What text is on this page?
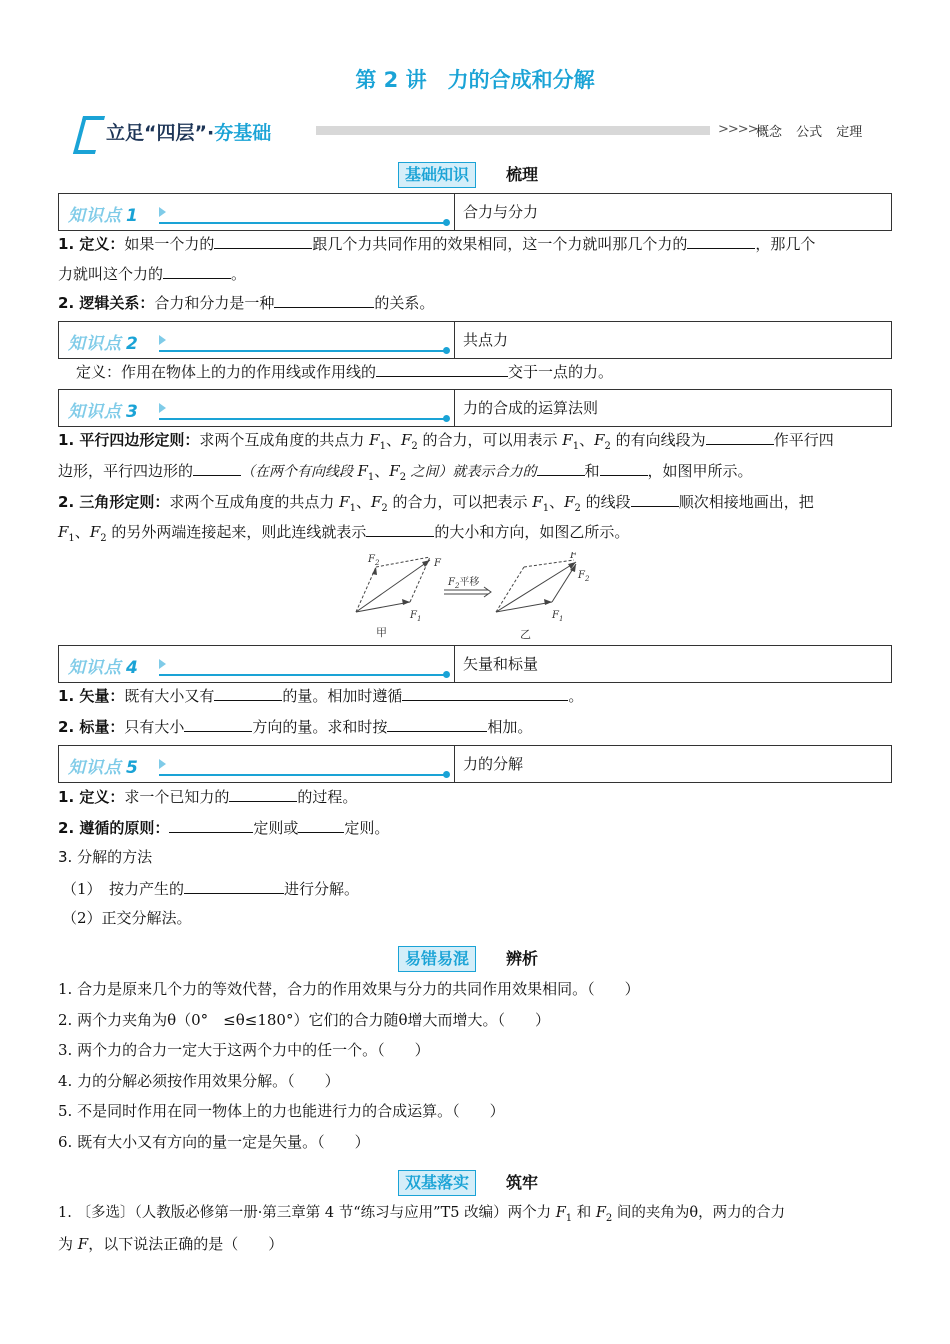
第 2 讲　力的合成和分解
立足“四层”·夯基础	>>>>
概念 公式 定理
基础知识	梳理
知识点 1	合力与分力
1. 定义：如果一个力的	跟几个力共同作用的效果相同，这一个力就叫那几个力的	，那几个
力就叫这个力的	。
2. 逻辑关系：合力和分力是一种	的关系。
知识点 2	共点力
定义：作用在物体上的力的作用线或作用线的	交于一点的力。
知识点 3	力的合成的运算法则
1. 平行四边形定则：求两个互成角度的共点力 $F_1$、$F_2$ 的合力，可以用表示 $F_1$、$F_2$ 的有向线段为	作平行四
边形，平行四边形的	（在两个有向线段 $F_1$、$F_2$ 之间）就表示合力的	和	，如图甲所示。
2. 三角形定则：求两个互成角度的共点力 $F_1$、$F_2$ 的合力，可以把表示 $F_1$、$F_2$ 的线段	顺次相接地画出，把
$F_1$、$F_2$ 的另外两端连接起来，则此连线就表示	的大小和方向，如图乙所示。
$F_2$	F
$F_1$
$F_2$平移
F
$F_2$
$F_1$
甲	乙
知识点 4	矢量和标量
1. 矢量：既有大小又有	的量。相加时遵循	。
2. 标量：只有大小	方向的量。求和时按	相加。
知识点 5	力的分解
1. 定义：求一个已知力的	的过程。
2. 遵循的原则：	定则或	定则。
3. 分解的方法
（1）　按力产生的	进行分解。
（2）正交分解法。
易错易混	辨析
1. 合力是原来几个力的等效代替，合力的作用效果与分力的共同作用效果相同。（　　）
2. 两个力夹角为θ（0°　≤θ≤180°）它们的合力随θ增大而增大。（　　）
3. 两个力的合力一定大于这两个力中的任一个。（　　）
4. 力的分解必须按作用效果分解。（　　）
5. 不是同时作用在同一物体上的力也能进行力的合成运算。（　　）
6. 既有大小又有方向的量一定是矢量。（　　）
双基落实	筑牢
1. 〔多选〕（人教版必修第一册·第三章第 4 节“练习与应用”T5 改编）两个力 $F_1$ 和 $F_2$ 间的夹角为θ，两力的合力
为 F，以下说法正确的是（　　）
